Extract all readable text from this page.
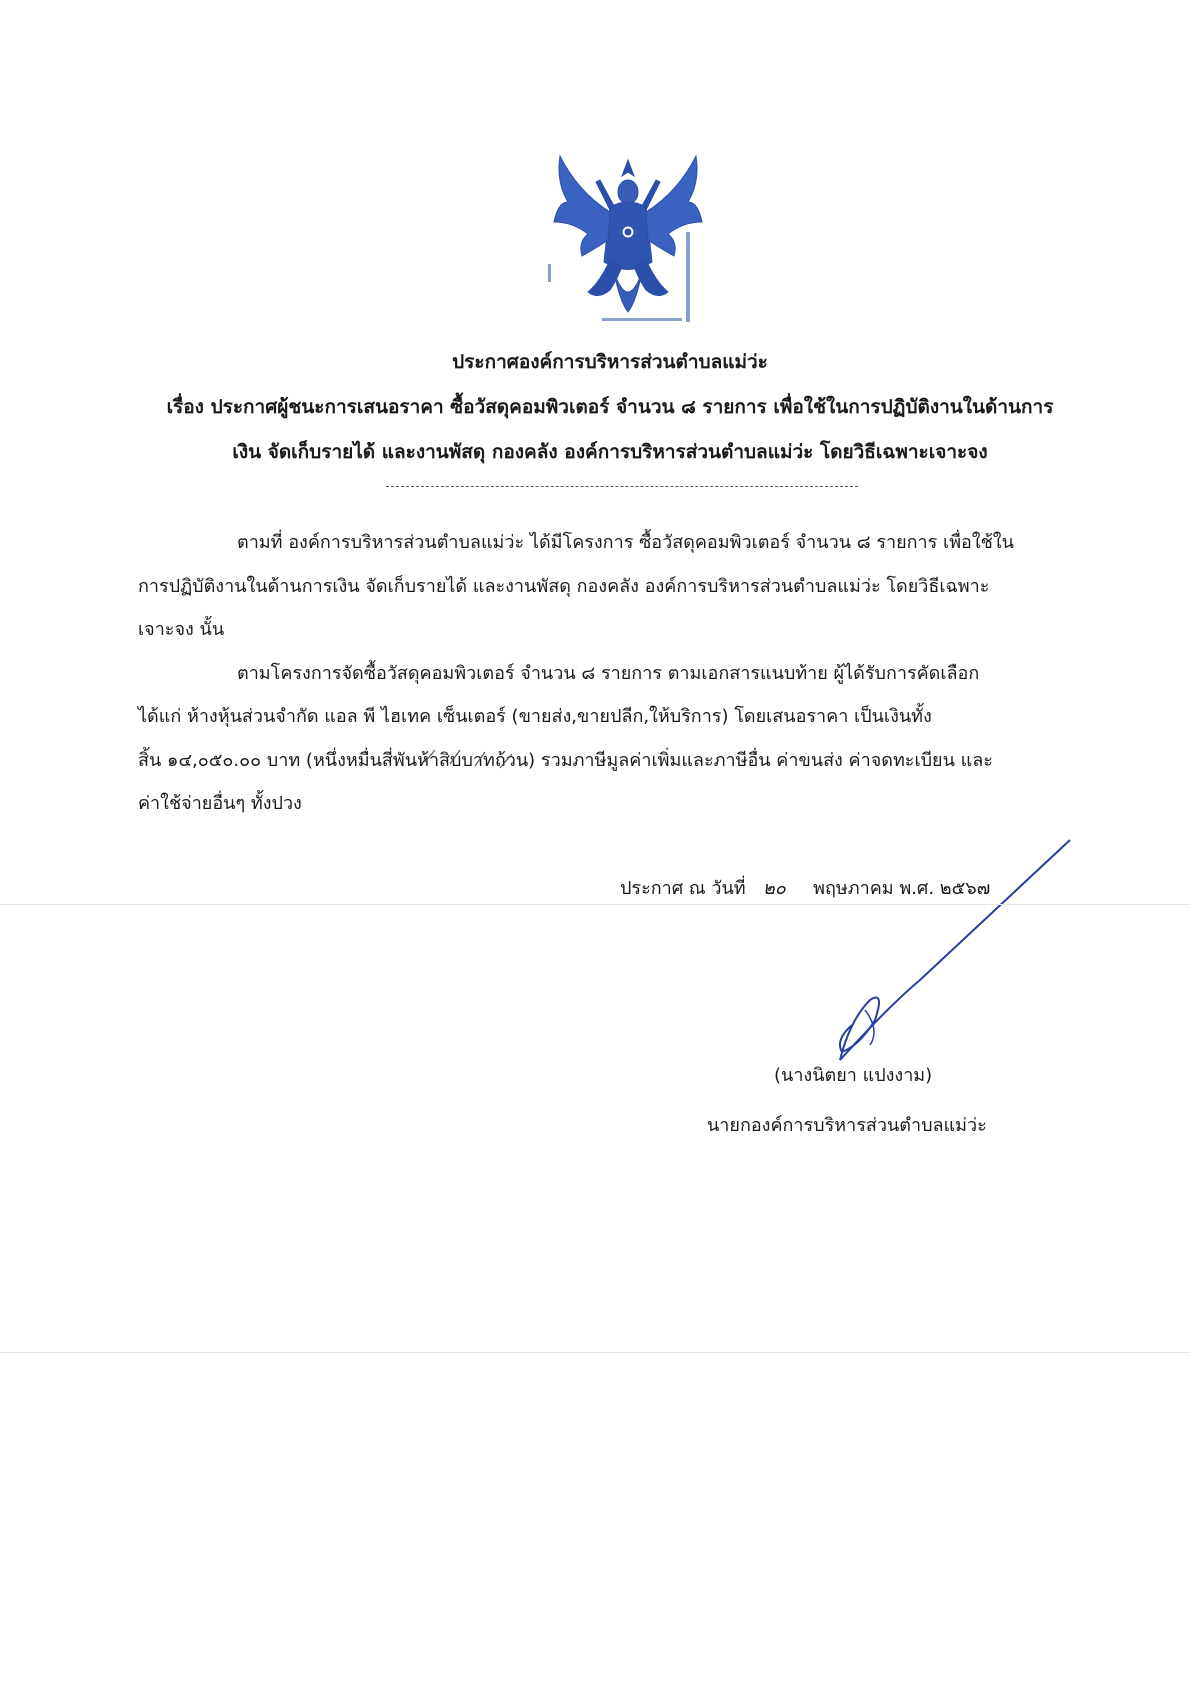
ประกาศองค์การบริหารส่วนตำบลแม่ว่ะ
เรื่อง ประกาศผู้ชนะการเสนอราคา ซื้อวัสดุคอมพิวเตอร์ จำนวน ๘ รายการ เพื่อใช้ในการปฏิบัติงานในด้านการ
เงิน จัดเก็บรายได้ และงานพัสดุ กองคลัง องค์การบริหารส่วนตำบลแม่ว่ะ โดยวิธีเฉพาะเจาะจง
ตามที่ องค์การบริหารส่วนตำบลแม่ว่ะ ได้มีโครงการ ซื้อวัสดุคอมพิวเตอร์ จำนวน ๘ รายการ เพื่อใช้ใน
การปฏิบัติงานในด้านการเงิน จัดเก็บรายได้ และงานพัสดุ กองคลัง องค์การบริหารส่วนตำบลแม่ว่ะ โดยวิธีเฉพาะ
เจาะจง นั้น
ตามโครงการจัดซื้อวัสดุคอมพิวเตอร์ จำนวน ๘ รายการ ตามเอกสารแนบท้าย ผู้ได้รับการคัดเลือก
ได้แก่ ห้างหุ้นส่วนจำกัด แอล พี ไฮเทค เซ็นเตอร์ (ขายส่ง,ขายปลีก,ให้บริการ) โดยเสนอราคา เป็นเงินทั้ง
สิ้น ๑๔,๐๕๐.๐๐ บาท (หนึ่งหมื่นสี่พันห้าสิบบาทถ้วน) รวมภาษีมูลค่าเพิ่มและภาษีอื่น ค่าขนส่ง ค่าจดทะเบียน และ
ค่าใช้จ่ายอื่นๆ ทั้งปวง
ประกาศ ณ วันที่ ๒๐ พฤษภาคม พ.ศ. ๒๕๖๗
(นางนิตยา แปงงาม)
นายกองค์การบริหารส่วนตำบลแม่ว่ะ
